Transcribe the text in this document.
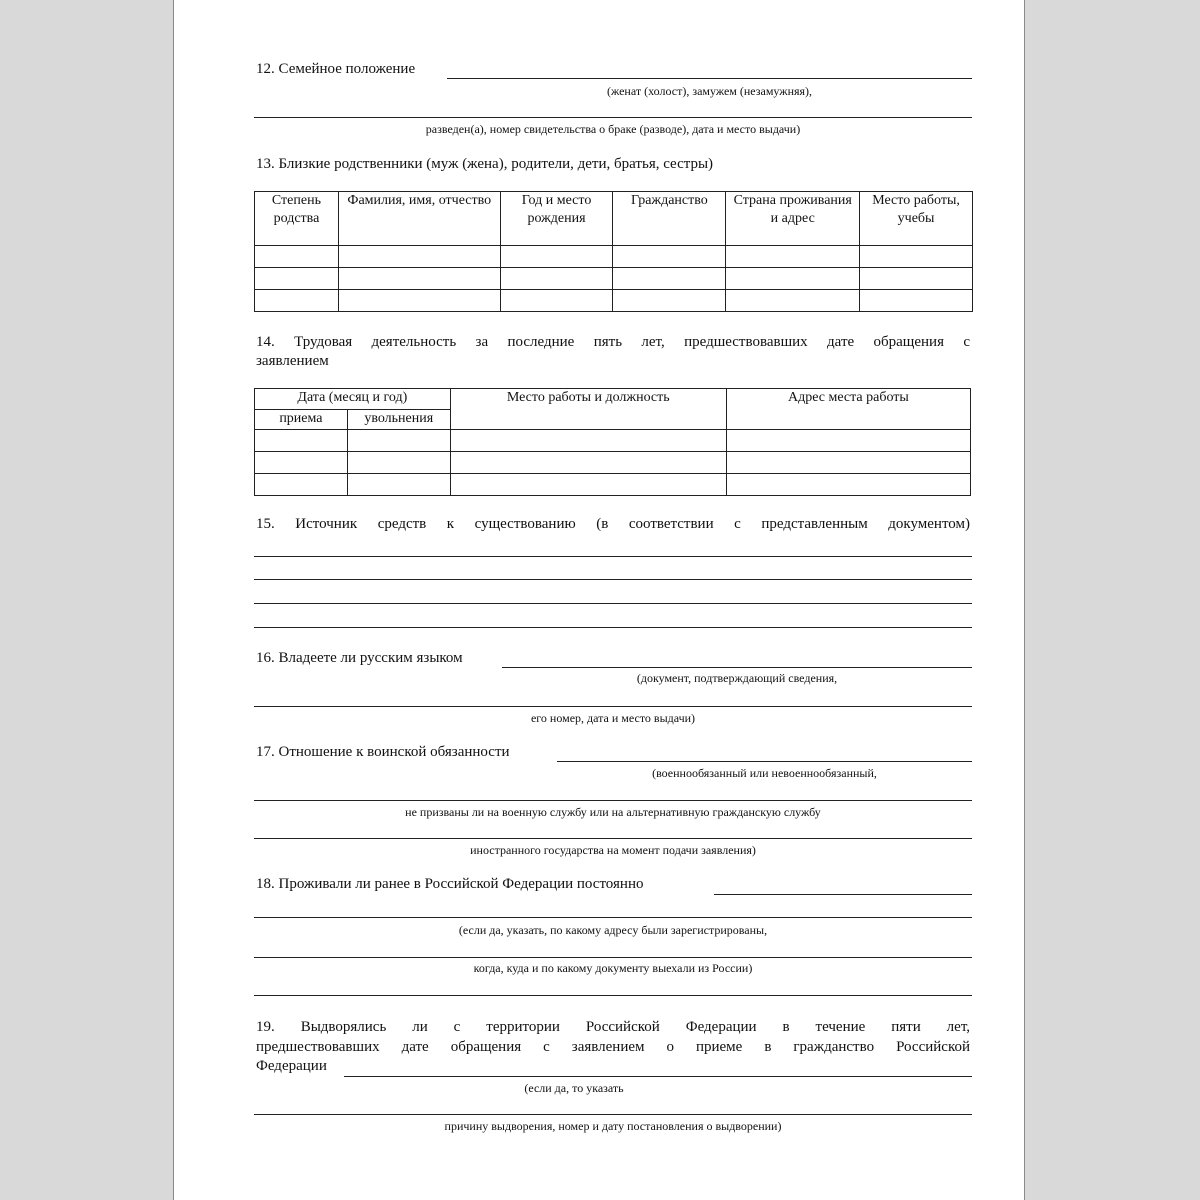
12. Семейное положение
(женат (холост), замужем (незамужняя),
разведен(а), номер свидетельства о браке (разводе), дата и место выдачи)
13. Близкие родственники (муж (жена), родители, дети, братья, сестры)
Степень родства	Фамилия, имя, отчество	Год и место рождения	Гражданство	Страна проживания и адрес	Место работы, учебы

14. Трудовая деятельность за последние пять лет, предшествовавших дате обращения с
заявлением
Дата (месяц и год)		Место работы и должность	Адрес места работы
приема	увольнения		

15. Источник средств к существованию (в соответствии с представленным документом)
16. Владеете ли русским языком
(документ, подтверждающий сведения,
его номер, дата и место выдачи)
17. Отношение к воинской обязанности
(военнообязанный или невоеннообязанный,
не призваны ли на военную службу или на альтернативную гражданскую службу
иностранного государства на момент подачи заявления)
18. Проживали ли ранее в Российской Федерации постоянно
(если да, указать, по какому адресу были зарегистрированы,
когда, куда и по какому документу выехали из России)
19. Выдворялись ли с территории Российской Федерации в течение пяти лет,
предшествовавших дате обращения с заявлением о приеме в гражданство Российской
Федерации
(если да, то указать
причину выдворения, номер и дату постановления о выдворении)
